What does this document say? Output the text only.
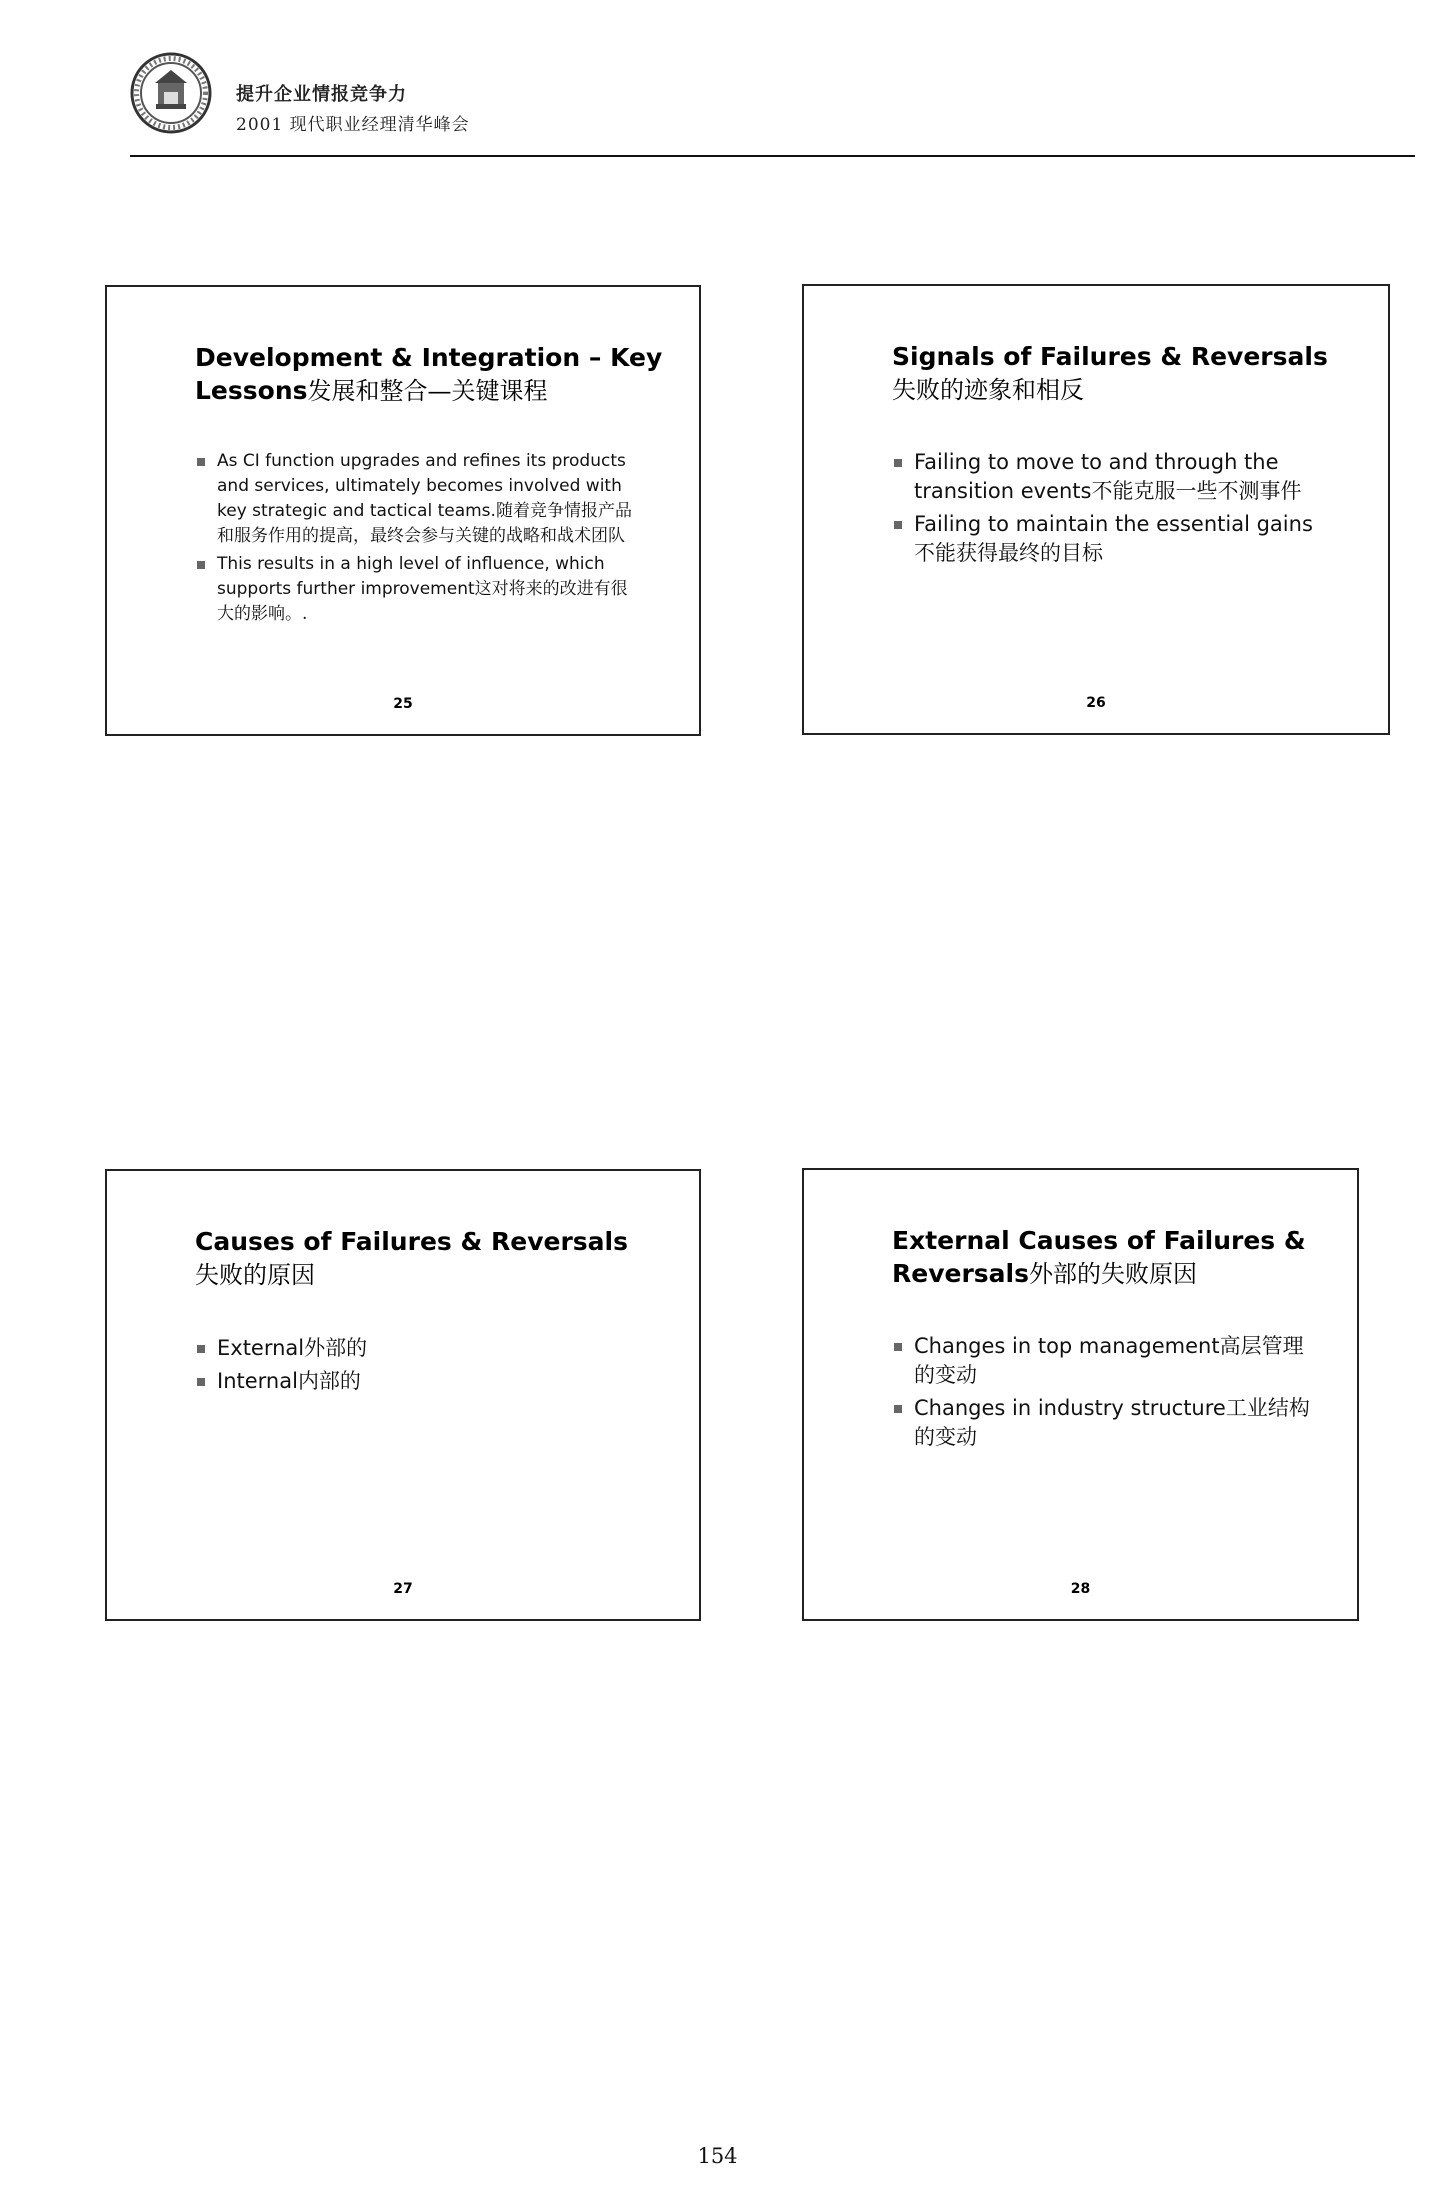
提升企业情报竞争力
2001 现代职业经理清华峰会
Development & Integration – Key Lessons发展和整合—关键课程
As CI function upgrades and refines its products and services, ultimately becomes involved with key strategic and tactical teams.随着竞争情报产品和服务作用的提高，最终会参与关键的战略和战术团队
This results in a high level of influence, which supports further improvement这对将来的改进有很大的影响。.
25
Signals of Failures & Reversals
失败的迹象和相反
Failing to move to and through the transition events不能克服一些不测事件
Failing to maintain the essential gains不能获得最终的目标
26
Causes of Failures & Reversals
失败的原因
External外部的
Internal内部的
27
External Causes of Failures & Reversals外部的失败原因
Changes in top management高层管理的变动
Changes in industry structure工业结构的变动
28
154
